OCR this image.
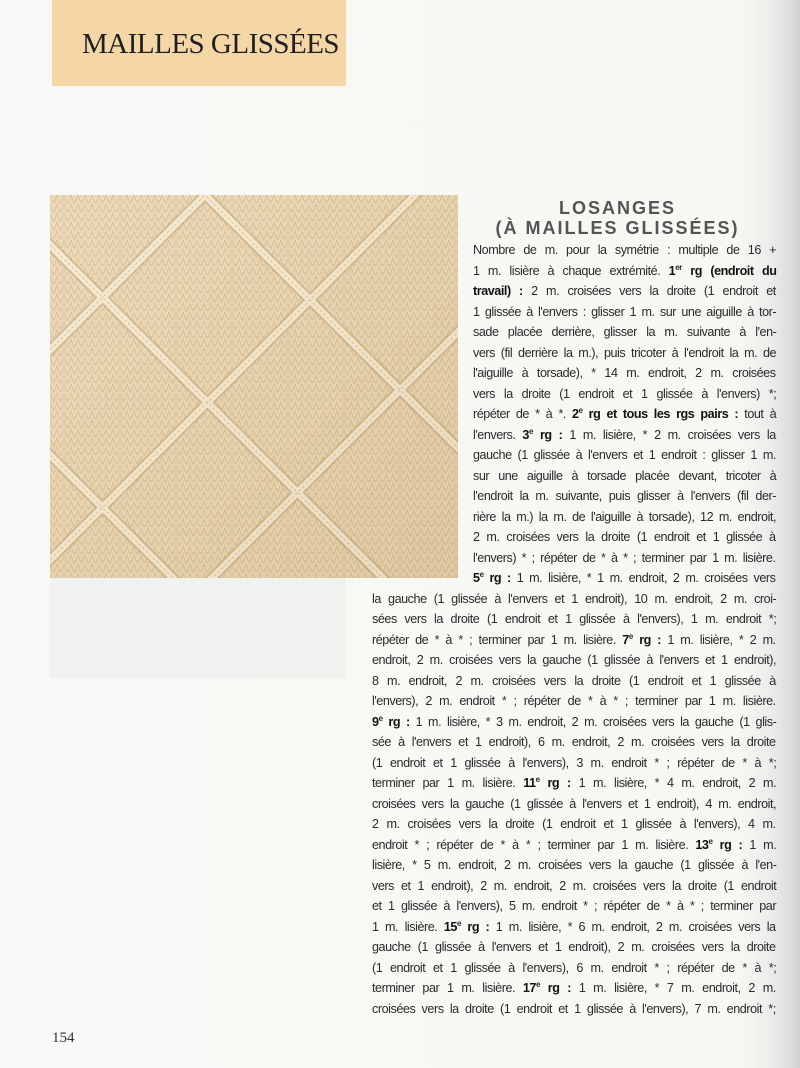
MAILLES GLISSÉES
LOSANGES
(À MAILLES GLISSÉES)
Nombre de m. pour la symétrie : multiple de 16 +
1 m. lisière à chaque extrémité. 1er rg (endroit du
travail) : 2 m. croisées vers la droite (1 endroit et
1 glissée à l'envers : glisser 1 m. sur une aiguille à tor-
sade placée derrière, glisser la m. suivante à l'en-
vers (fil derrière la m.), puis tricoter à l'endroit la m. de
l'aiguille à torsade), * 14 m. endroit, 2 m. croisées
vers la droite (1 endroit et 1 glissée à l'envers) *;
répéter de * à *. 2e rg et tous les rgs pairs : tout à
l'envers. 3e rg : 1 m. lisière, * 2 m. croisées vers la
gauche (1 glissée à l'envers et 1 endroit : glisser 1 m.
sur une aiguille à torsade placée devant, tricoter à
l'endroit la m. suivante, puis glisser à l'envers (fil der-
rière la m.) la m. de l'aiguille à torsade), 12 m. endroit,
2 m. croisées vers la droite (1 endroit et 1 glissée à
l'envers) * ; répéter de * à * ; terminer par 1 m. lisière.
5e rg : 1 m. lisière, * 1 m. endroit, 2 m. croisées vers
la gauche (1 glissée à l'envers et 1 endroit), 10 m. endroit, 2 m. croi-
sées vers la droite (1 endroit et 1 glissée à l'envers), 1 m. endroit *;
répéter de * à * ; terminer par 1 m. lisière. 7e rg : 1 m. lisière, * 2 m.
endroit, 2 m. croisées vers la gauche (1 glissée à l'envers et 1 endroit),
8 m. endroit, 2 m. croisées vers la droite (1 endroit et 1 glissée à
l'envers), 2 m. endroit * ; répéter de * à * ; terminer par 1 m. lisière.
9e rg : 1 m. lisière, * 3 m. endroit, 2 m. croisées vers la gauche (1 glis-
sée à l'envers et 1 endroit), 6 m. endroit, 2 m. croisées vers la droite
(1 endroit et 1 glissée à l'envers), 3 m. endroit * ; répéter de * à *;
terminer par 1 m. lisière. 11e rg : 1 m. lisière, * 4 m. endroit, 2 m.
croisées vers la gauche (1 glissée à l'envers et 1 endroit), 4 m. endroit,
2 m. croisées vers la droite (1 endroit et 1 glissée à l'envers), 4 m.
endroit * ; répéter de * à * ; terminer par 1 m. lisière. 13e rg : 1 m.
lisière, * 5 m. endroit, 2 m. croisées vers la gauche (1 glissée à l'en-
vers et 1 endroit), 2 m. endroit, 2 m. croisées vers la droite (1 endroit
et 1 glissée à l'envers), 5 m. endroit * ; répéter de * à * ; terminer par
1 m. lisière. 15e rg : 1 m. lisière, * 6 m. endroit, 2 m. croisées vers la
gauche (1 glissée à l'envers et 1 endroit), 2 m. croisées vers la droite
(1 endroit et 1 glissée à l'envers), 6 m. endroit * ; répéter de * à *;
terminer par 1 m. lisière. 17e rg : 1 m. lisière, * 7 m. endroit, 2 m.
croisées vers la droite (1 endroit et 1 glissée à l'envers), 7 m. endroit *;
154
